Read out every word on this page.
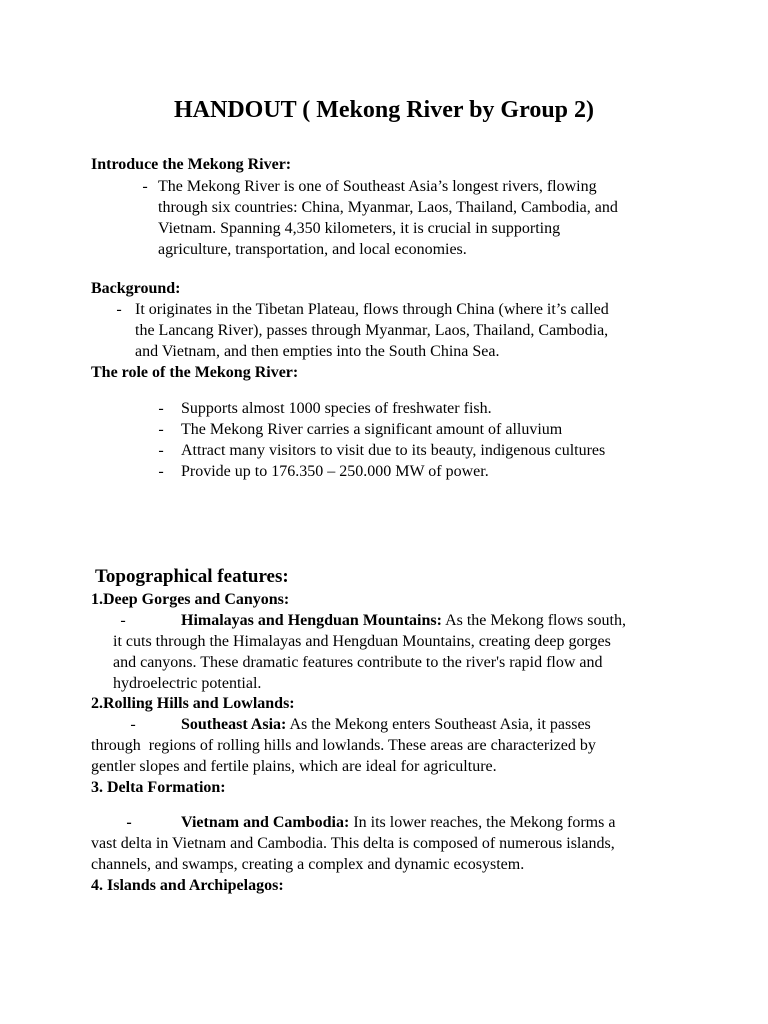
HANDOUT ( Mekong River by Group 2)
Introduce the Mekong River:
- The Mekong River is one of Southeast Asia’s longest rivers, flowing
through six countries: China, Myanmar, Laos, Thailand, Cambodia, and
Vietnam. Spanning 4,350 kilometers, it is crucial in supporting
agriculture, transportation, and local economies.
Background:
- It originates in the Tibetan Plateau, flows through China (where it’s called
the Lancang River), passes through Myanmar, Laos, Thailand, Cambodia,
and Vietnam, and then empties into the South China Sea.
The role of the Mekong River:
- Supports almost 1000 species of freshwater fish.
- The Mekong River carries a significant amount of alluvium
- Attract many visitors to visit due to its beauty, indigenous cultures
- Provide up to 176.350 – 250.000 MW of power.
Topographical features:
1.Deep Gorges and Canyons:
-	Himalayas and Hengduan Mountains: As the Mekong flows south,
it cuts through the Himalayas and Hengduan Mountains, creating deep gorges
and canyons. These dramatic features contribute to the river's rapid flow and
hydroelectric potential.
2.Rolling Hills and Lowlands:
-	Southeast Asia: As the Mekong enters Southeast Asia, it passes
through  regions of rolling hills and lowlands. These areas are characterized by
gentler slopes and fertile plains, which are ideal for agriculture.
3. Delta Formation:
-	Vietnam and Cambodia: In its lower reaches, the Mekong forms a
vast delta in Vietnam and Cambodia. This delta is composed of numerous islands,
channels, and swamps, creating a complex and dynamic ecosystem.
4. Islands and Archipelagos:
